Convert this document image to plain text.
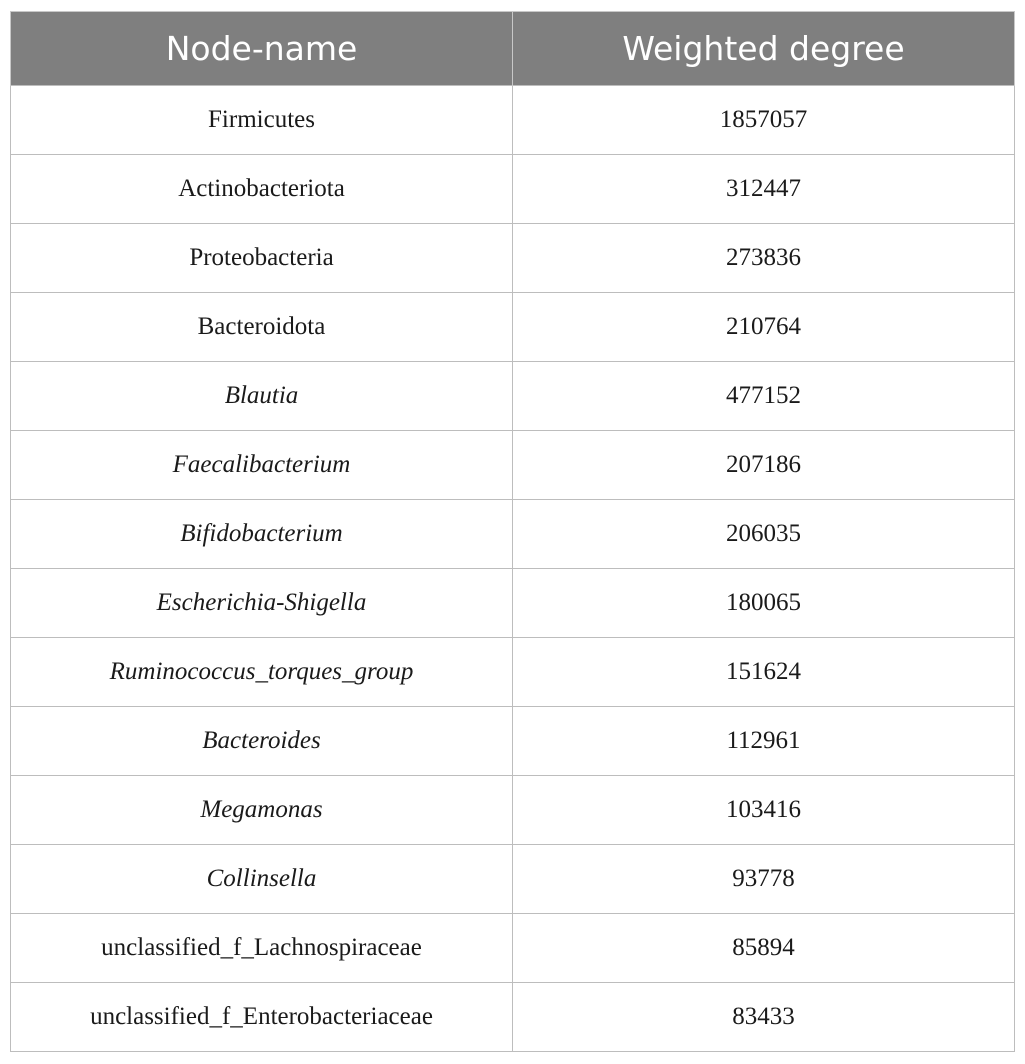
Node-name	Weighted degree
Firmicutes	1857057
Actinobacteriota	312447
Proteobacteria	273836
Bacteroidota	210764
Blautia	477152
Faecalibacterium	207186
Bifidobacterium	206035
Escherichia-Shigella	180065
Ruminococcus_torques_group	151624
Bacteroides	112961
Megamonas	103416
Collinsella	93778
unclassified_f_Lachnospiraceae	85894
unclassified_f_Enterobacteriaceae	83433
